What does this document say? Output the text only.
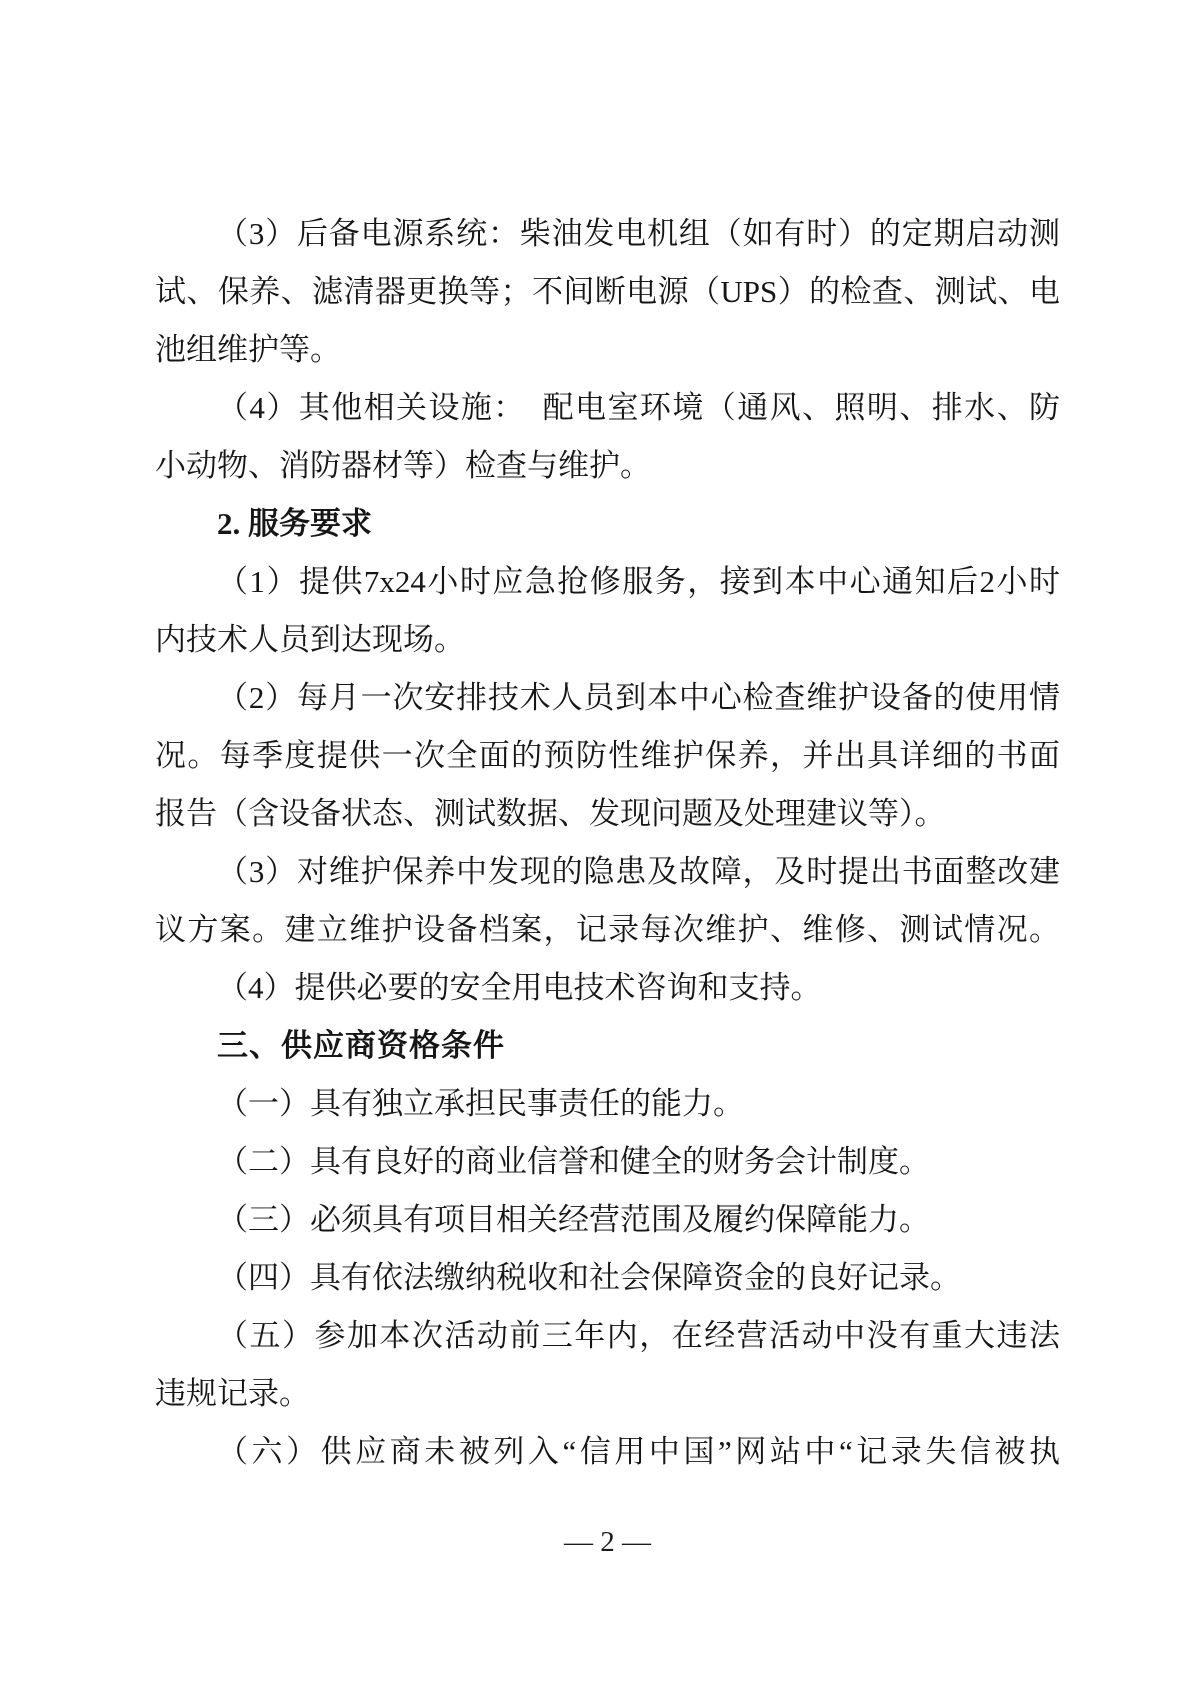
（3）后备电源系统：柴油发电机组（如有时）的定期启动测
试、保养、滤清器更换等；不间断电源（UPS）的检查、测试、电
池组维护等。
（4）其他相关设施：　配电室环境（通风、照明、排水、防
小动物、消防器材等）检查与维护。
2. 服务要求
（1）提供7x24小时应急抢修服务，接到本中心通知后2小时
内技术人员到达现场。
（2）每月一次安排技术人员到本中心检查维护设备的使用情
况。每季度提供一次全面的预防性维护保养，并出具详细的书面
报告（含设备状态、测试数据、发现问题及处理建议等）。
（3）对维护保养中发现的隐患及故障，及时提出书面整改建
议方案。建立维护设备档案，记录每次维护、维修、测试情况。
（4）提供必要的安全用电技术咨询和支持。
三、供应商资格条件
（一）具有独立承担民事责任的能力。
（二）具有良好的商业信誉和健全的财务会计制度。
（三）必须具有项目相关经营范围及履约保障能力。
（四）具有依法缴纳税收和社会保障资金的良好记录。
（五）参加本次活动前三年内，在经营活动中没有重大违法
违规记录。
（六）供应商未被列入“信用中国”网站中“记录失信被执
— 2 —
